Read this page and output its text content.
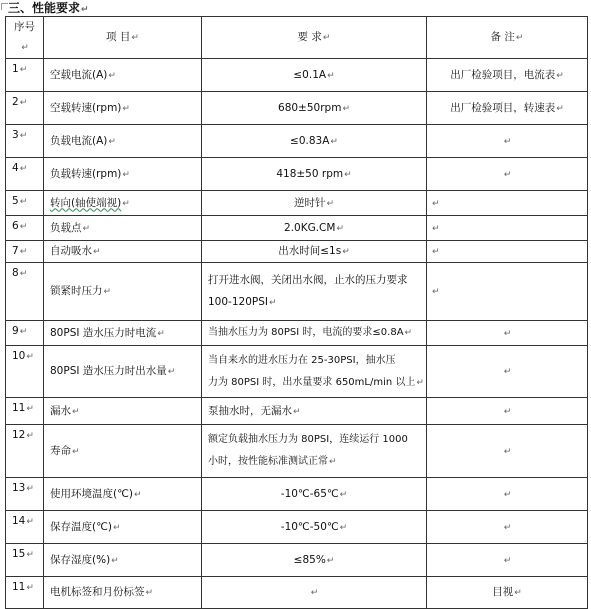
三、性能要求↵
序号↵	项 目↵	要 求↵	备 注↵
1↵	空载电流(A)↵	≤0.1A↵	出厂检验项目，电流表↵
2↵	空载转速(rpm)↵	680±50rpm↵	出厂检验项目，转速表↵
3↵	负载电流(A)↵	≤0.83A↵	↵
4↵	负载转速(rpm)↵	418±50 rpm↵	↵
5↵	转向(轴使端视)↵	逆时针↵	↵
6↵	负载点↵	2.0KG.CM↵	↵
7↵	自动吸水↵	出水时间≤1s↵	↵
8↵	锁紧时压力↵	打开进水阀，关闭出水阀，止水的压力要求
100-120PSI↵	↵
9↵	80PSI 造水压力时电流↵	当抽水压力为 80PSI 时，电流的要求≤0.8A↵	↵
10↵	80PSI 造水压力时出水量↵	当自来水的进水压力在 25-30PSI，抽水压
力为 80PSI 时，出水量要求 650mL/min 以上↵	↵
11↵	漏水↵	泵抽水时，无漏水↵	↵
12↵	寿命↵	额定负载抽水压力为 80PSI，连续运行 1000
小时，按性能标准测试正常↵	↵
13↵	使用环境温度(℃)↵	-10℃-65℃↵	↵
14↵	保存温度(℃)↵	-10℃-50℃↵	↵
15↵	保存湿度(%)↵	≤85%↵	↵
11↵	电机标签和月份标签↵	↵	目视↵
